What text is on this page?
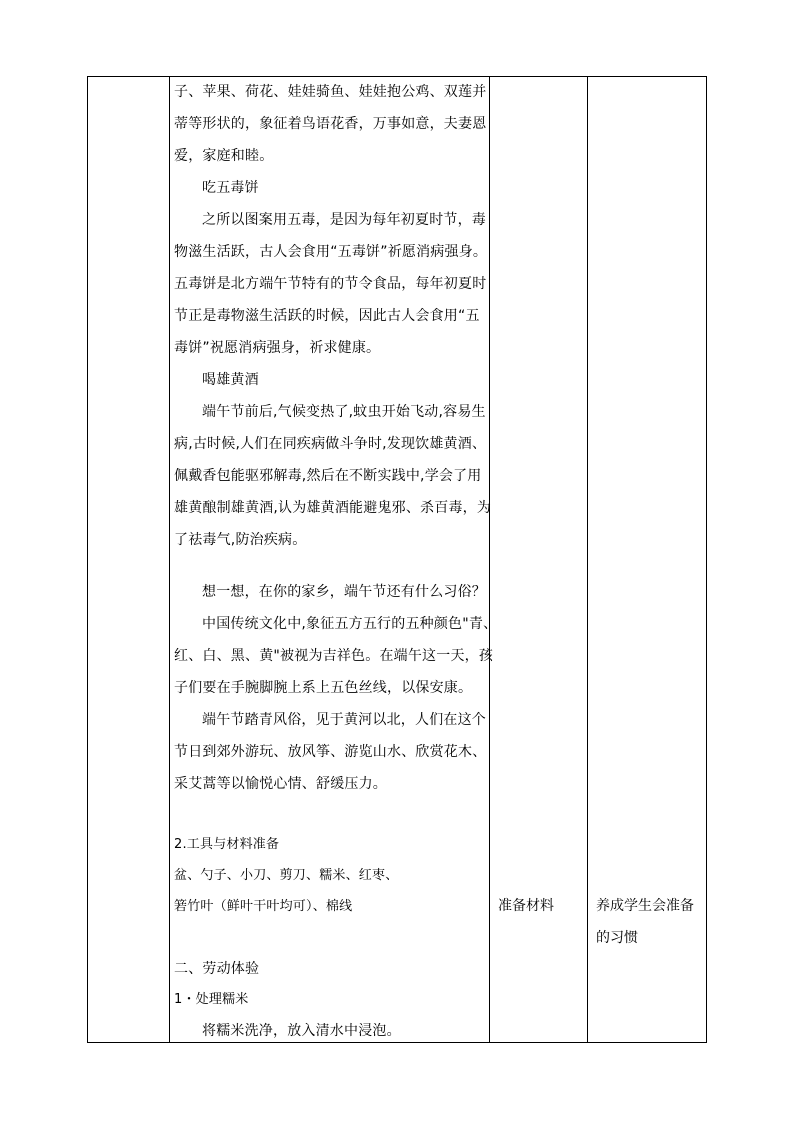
子、苹果、荷花、娃娃骑鱼、娃娃抱公鸡、双莲并
蒂等形状的，象征着鸟语花香，万事如意，夫妻恩
爱，家庭和睦。
吃五毒饼
之所以图案用五毒，是因为每年初夏时节，毒
物滋生活跃，古人会食用“五毒饼”祈愿消病强身。
五毒饼是北方端午节特有的节令食品，每年初夏时
节正是毒物滋生活跃的时候，因此古人会食用“五
毒饼”祝愿消病强身，祈求健康。
喝雄黄酒
端午节前后,气候变热了,蚊虫开始飞动,容易生
病,古时候,人们在同疾病做斗争时,发现饮雄黄酒、
佩戴香包能驱邪解毒,然后在不断实践中,学会了用
雄黄酿制雄黄酒,认为雄黄酒能避鬼邪、杀百毒，为
了祛毒气,防治疾病。
想一想，在你的家乡，端午节还有什么习俗？
中国传统文化中,象征五方五行的五种颜色"青、
红、白、黑、黄"被视为吉祥色。在端午这一天，孩
子们要在手腕脚腕上系上五色丝线，以保安康。
端午节踏青风俗，见于黄河以北，人们在这个
节日到郊外游玩、放风筝、游览山水、欣赏花木、
采艾蒿等以愉悦心情、舒缓压力。
2.工具与材料准备
盆、勺子、小刀、剪刀、糯米、红枣、
箬竹叶（鲜叶干叶均可）、棉线
二、劳动体验
1・处理糯米
将糯米洗净，放入清水中浸泡。
准备材料	养成学生会准备
的习惯
